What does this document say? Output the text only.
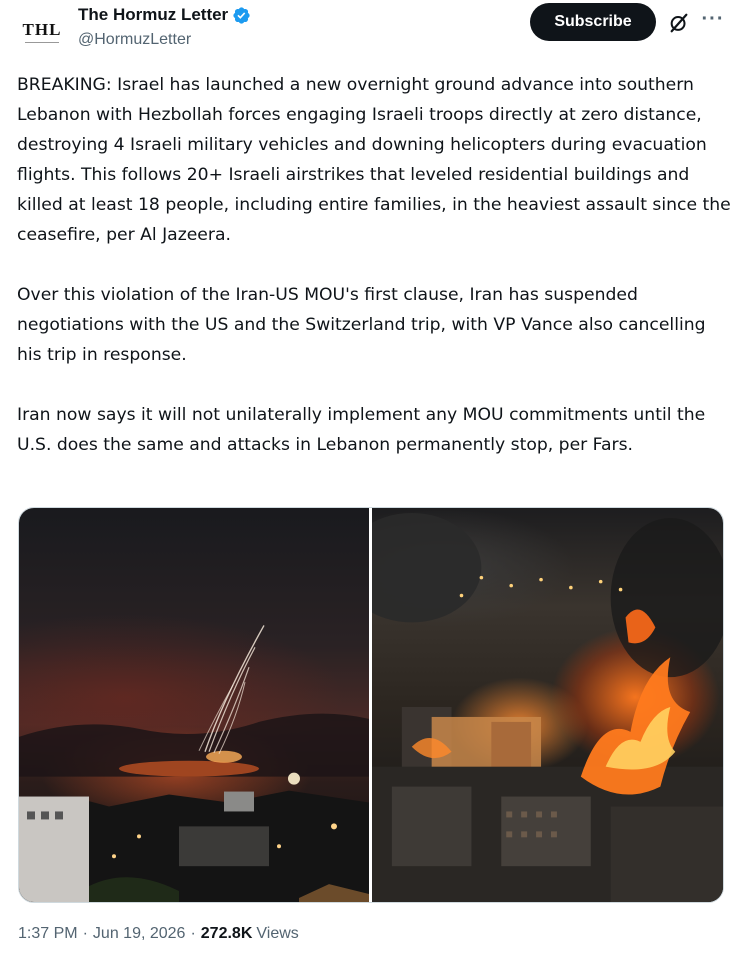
THL
The Hormuz Letter
@HormuzLetter
Subscribe	···

BREAKING: Israel has launched a new overnight ground advance into southern Lebanon with Hezbollah forces engaging Israeli troops directly at zero distance, destroying 4 Israeli military vehicles and downing helicopters during evacuation flights. This follows 20+ Israeli airstrikes that leveled residential buildings and killed at least 18 people, including entire families, in the heaviest assault since the ceasefire, per Al Jazeera.

Over this violation of the Iran-US MOU's first clause, Iran has suspended negotiations with the US and the Switzerland trip, with VP Vance also cancelling his trip in response.

Iran now says it will not unilaterally implement any MOU commitments until the U.S. does the same and attacks in Lebanon permanently stop, per Fars.

1:37 PM · Jun 19, 2026 · 272.8K Views
